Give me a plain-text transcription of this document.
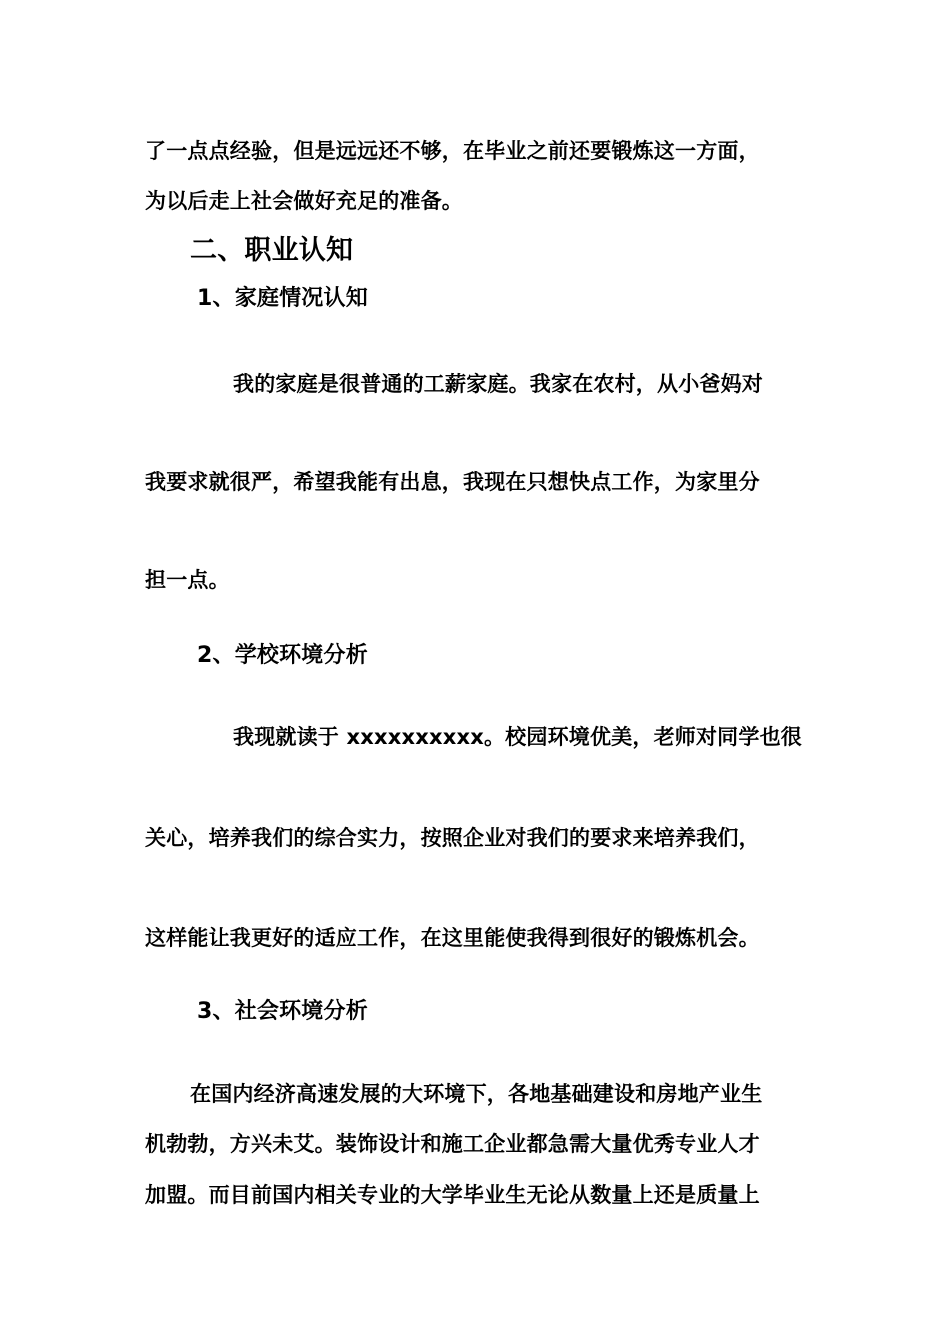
了一点点经验，但是远远还不够，在毕业之前还要锻炼这一方面，
为以后走上社会做好充足的准备。
二、职业认知
1、家庭情况认知
我的家庭是很普通的工薪家庭。我家在农村，从小爸妈对
我要求就很严，希望我能有出息，我现在只想快点工作，为家里分
担一点。
2、学校环境分析
我现就读于 xxxxxxxxxx。校园环境优美，老师对同学也很
关心，培养我们的综合实力，按照企业对我们的要求来培养我们，
这样能让我更好的适应工作，在这里能使我得到很好的锻炼机会。
3、社会环境分析
在国内经济高速发展的大环境下，各地基础建设和房地产业生
机勃勃，方兴未艾。装饰设计和施工企业都急需大量优秀专业人才
加盟。而目前国内相关专业的大学毕业生无论从数量上还是质量上
